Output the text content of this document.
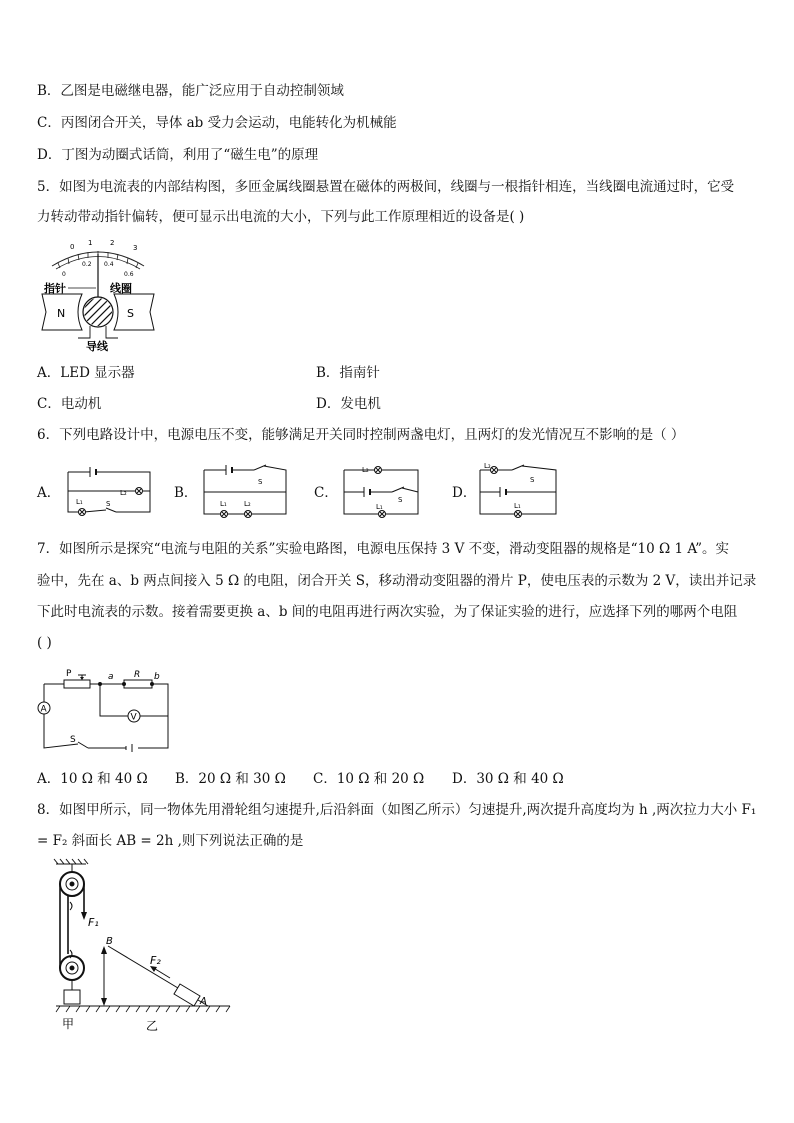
B．乙图是电磁继电器，能广泛应用于自动控制领域
C．丙图闭合开关，导体 ab 受力会运动，电能转化为机械能
D．丁图为动圈式话筒，利用了“磁生电”的原理
5．如图为电流表的内部结构图，多匝金属线圈悬置在磁体的两极间，线圈与一根指针相连，当线圈电流通过时，它受
力转动带动指针偏转，便可显示出电流的大小，下列与此工作原理相近的设备是( )
0 1	2
3
0
0.2 0.4
0.6
N	S
指针	线圈
导线
A．LED 显示器	B．指南针
C．电动机	D．发电机
6．下列电路设计中，电源电压不变，能够满足开关同时控制两盏电灯，且两灯的发光情况互不影响的是（ ）
A．
L₁
L₂
S
B．
L₁ L₂
S
C．
L₂
L₁
S	D．
L₂
L₁
S
7．如图所示是探究“电流与电阻的关系”实验电路图，电源电压保持 3 V 不变，滑动变阻器的规格是“10 Ω 1 A”。实
验中，先在 a、b 两点间接入 5 Ω 的电阻，闭合开关 S，移动滑动变阻器的滑片 P，使电压表的示数为 2 V，读出并记录
下此时电流表的示数。接着需要更换 a、b 间的电阻再进行两次实验，为了保证实验的进行，应选择下列的哪两个电阻
( )
P	a R b
A
V
S
A．10 Ω 和 40 Ω B．20 Ω 和 30 Ω C．10 Ω 和 20 Ω D．30 Ω 和 40 Ω
8．如图甲所示，同一物体先用滑轮组匀速提升,后沿斜面（如图乙所示）匀速提升,两次提升高度均为 h ,两次拉力大小 F₁
= F₂ 斜面长 AB = 2h ,则下列说法正确的是
F₁
F₂
B
A
甲	乙
